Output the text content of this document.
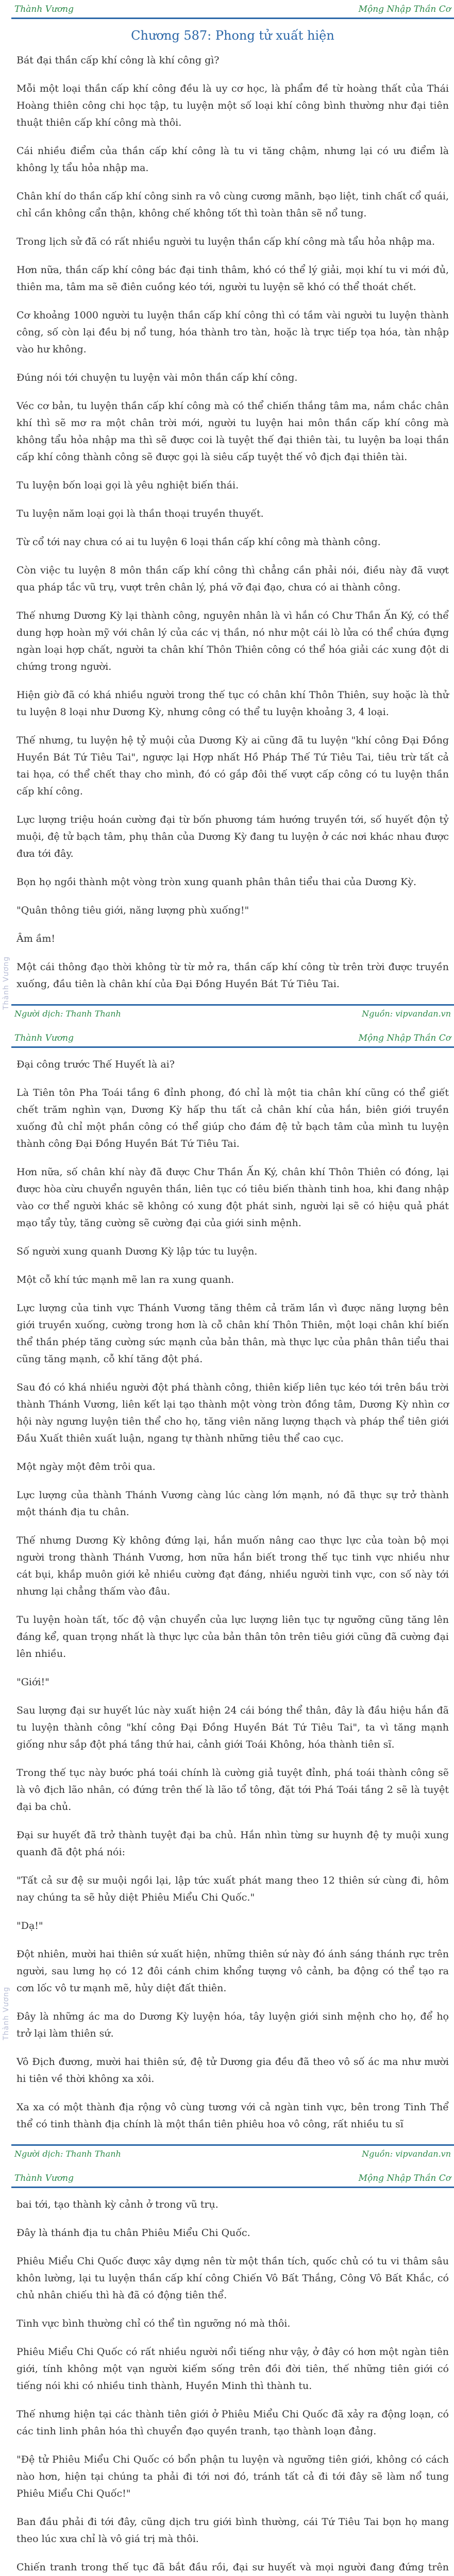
Thành Vương
Thành Vương
Thành Vương	Mộng Nhập Thần Cơ
Chương 587: Phong tử xuất hiện

Bát đại thần cấp khí công là khí công gì?

Mỗi một loại thần cấp khí công đều là uy cơ học, là phẩm đề từ hoàng thất của Thái Hoàng thiên công chi học tập, tu luyện một số loại khí công bình thường như đại tiên thuật thiên cấp khí công mà thôi.

Cái nhiều điểm của thần cấp khí công là tu vi tăng chậm, nhưng lại có ưu điểm là không lỵ tẩu hỏa nhập ma.

Chân khí do thần cấp khí công sinh ra vô cùng cương mãnh, bạo liệt, tinh chất cổ quái, chỉ cần không cẩn thận, không chế không tốt thì toàn thân sẽ nổ tung.

Trong lịch sử đã có rất nhiều người tu luyện thần cấp khí công mà tẩu hỏa nhập ma.

Hơn nữa, thần cấp khí công bác đại tinh thâm, khó có thể lý giải, mọi khí tu vi mới đủ, thiên ma, tâm ma sẽ điên cuồng kéo tới, người tu luyện sẽ khó có thể thoát chết.

Cơ khoảng 1000 người tu luyện thần cấp khí công thì có tầm vài người tu luyện thành công, số còn lại đều bị nổ tung, hóa thành tro tàn, hoặc là trực tiếp tọa hóa, tàn nhập vào hư không.

Đúng nói tới chuyện tu luyện vài môn thần cấp khí công.

Véc cơ bản, tu luyện thần cấp khí công mà có thể chiến thắng tâm ma, nắm chắc chân khí thì sẽ mơ ra một chân trời mới, người tu luyện hai môn thần cấp khí công mà không tẩu hỏa nhập ma thì sẽ được coi là tuyệt thế đại thiên tài, tu luyện ba loại thần cấp khí công thành công sẽ được gọi là siêu cấp tuyệt thế vô địch đại thiên tài.

Tu luyện bốn loại gọi là yêu nghiệt biến thái.

Tu luyện năm loại gọi là thần thoại truyền thuyết.

Từ cổ tới nay chưa có ai tu luyện 6 loại thần cấp khí công mà thành công.

Còn việc tu luyện 8 môn thần cấp khí công thì chẳng cần phải nói, điều này đã vượt qua pháp tắc vũ trụ, vượt trên chân lý, phá vỡ đại đạo, chưa có ai thành công.

Thế nhưng Dương Kỳ lại thành công, nguyên nhân là vì hắn có Chư Thần Ấn Ký, có thể dung hợp hoàn mỹ với chân lý của các vị thần, nó như một cái lò lửa có thể chứa đựng ngàn loại hợp chất, người ta chân khí Thôn Thiên công có thể hóa giải các xung đột di chứng trong người.

Hiện giờ đã có khá nhiều người trong thế tục có chân khí Thôn Thiên, suy hoặc là thử tu luyện 8 loại như Dương Kỳ, nhưng công có thể tu luyện khoảng 3, 4 loại.

Thế nhưng, tu luyện hệ tỷ muội của Dương Kỳ ai cũng đã tu luyện "khí công Đại Đồng Huyền Bát Tứ Tiêu Tai", ngược lại Hợp nhất Hồ Pháp Thế Tứ Tiêu Tai, tiêu trừ tất cả tai họa, có thể chết thay cho mình, đó có gắp đôi thế vượt cấp công có tu luyện thần cấp khí công.

Lực lượng triệu hoán cường đại từ bốn phương tám hướng truyền tới, số huyết độn tỷ muội, đệ tử bạch tâm, phụ thân của Dương Kỳ đang tu luyện ở các nơi khác nhau được đưa tới đây.

Bọn họ ngồi thành một vòng tròn xung quanh phân thân tiểu thai của Dương Kỳ.

"Quân thông tiêu giới, năng lượng phù xuống!"

Âm ầm!

Một cái thông đạo thời không từ từ mở ra, thần cấp khí công từ trên trời được truyền xuống, đầu tiên là chân khí của Đại Đồng Huyền Bát Tứ Tiêu Tai.

Người dịch: Thanh Thanh	Nguồn: vipvandan.vn
Thành Vương	Mộng Nhập Thần Cơ

Đại công trước Thế Huyết là ai?

Là Tiên tôn Pha Toái tầng 6 đỉnh phong, đó chỉ là một tia chân khí cũng có thể giết chết trăm nghìn vạn, Dương Kỳ hấp thu tất cả chân khí của hắn, biên giới truyền xuống đủ chỉ một phần công có thể giúp cho đám đệ tử bạch tâm của mình tu luyện thành công Đại Đồng Huyền Bát Tứ Tiêu Tai.

Hơn nữa, số chân khí này đã được Chư Thần Ấn Ký, chân khí Thôn Thiên có đóng, lại được hòa cừu chuyển nguyên thần, liên tục có tiêu biến thành tinh hoa, khi đang nhập vào cơ thể người khác sẽ không có xung đột phát sinh, người lại sẽ có hiệu quả phát mạo tẩy tủy, tăng cường sẽ cường đại của giới sinh mệnh.

Số người xung quanh Dương Kỳ lập tức tu luyện.

Một cỗ khí tức mạnh mẽ lan ra xung quanh.

Lực lượng của tinh vực Thánh Vương tăng thêm cả trăm lần vì được năng lượng bên giới truyền xuống, cường trong hơn là cỗ chân khí Thôn Thiên, một loại chân khí biến thể thần phép tăng cường sức mạnh của bản thân, mà thực lực của phân thân tiểu thai cũng tăng mạnh, cỗ khí tăng đột phá.

Sau đó có khá nhiều người đột phá thành công, thiên kiếp liên tục kéo tới trên bầu trời thành Thánh Vương, liên kết lại tạo thành một vòng tròn đồng tâm, Dương Kỳ nhìn cơ hội này ngưng luyện tiên thể cho họ, tăng viên năng lượng thạch và pháp thể tiên giới Đầu Xuất thiên xuất luận, ngang tự thành những tiêu thể cao cục.

Một ngày một đêm trôi qua.

Lực lượng của thành Thánh Vương càng lúc càng lớn mạnh, nó đã thực sự trở thành một thánh địa tu chân.

Thế nhưng Dương Kỳ không đứng lại, hắn muốn nâng cao thực lực của toàn bộ mọi người trong thành Thánh Vương, hơn nữa hắn biết trong thế tục tinh vực nhiều như cát bụi, khắp muôn giới kẻ nhiều cường đạt đáng, nhiều người tinh vực, con số này tới nhưng lại chẳng thấm vào đâu.

Tu luyện hoàn tất, tốc độ vận chuyển của lực lượng liên tục tự ngưỡng cũng tăng lên đáng kể, quan trọng nhất là thực lực của bản thân tôn trên tiêu giới cũng đã cường đại lên nhiều.

"Giới!"

Sau lượng đại sư huyết lúc này xuất hiện 24 cái bóng thể thân, đây là đầu hiệu hắn đã tu luyện thành công "khí công Đại Đồng Huyền Bát Tứ Tiêu Tai", ta vì tăng mạnh giống như sắp đột phá tầng thứ hai, cảnh giới Toái Không, hóa thành tiên sĩ.

Trong thế tục này bước phá toái chính là cường giả tuyệt đỉnh, phá toái thành công sẽ là vô địch lão nhân, có đứng trên thế là lão tổ tông, đặt tới Phá Toái tầng 2 sẽ là tuyệt đại ba chủ.

Đại sư huyết đã trở thành tuyệt đại ba chủ. Hắn nhìn từng sư huynh đệ ty muội xung quanh đã đột phá nói:

"Tất cả sư đệ sư muội ngồi lại, lập tức xuất phát mang theo 12 thiên sứ cùng đi, hôm nay chúng ta sẽ hủy diệt Phiêu Miểu Chi Quốc."

"Dạ!"

Đột nhiên, mười hai thiên sứ xuất hiện, những thiên sứ này đó ánh sáng thánh rực trên người, sau lưng họ có 12 đôi cánh chim khổng tượng vô cảnh, ba động có thể tạo ra cơn lốc vô tư mạnh mẽ, hủy diệt đất thiên.

Đây là những ác ma do Dương Kỳ luyện hóa, tây luyện giới sinh mệnh cho họ, để họ trở lại làm thiên sứ.

Vô Địch đương, mười hai thiên sứ, đệ tử Dương gia đều đã theo vô số ác ma như mười hi tiên về thời không xa xôi.

Xa xa có một thành địa rộng vô cùng tương với cả ngàn tinh vực, bên trong Tinh Thể thể có tinh thành địa chính là một thần tiên phiêu hoa vô công, rất nhiều tu sĩ

Người dịch: Thanh Thanh	Nguồn: vipvandan.vn
Thành Vương	Mộng Nhập Thần Cơ

bai tới, tạo thành kỳ cảnh ở trong vũ trụ.

Đây là thánh địa tu chân Phiêu Miểu Chi Quốc.

Phiêu Miểu Chi Quốc được xây dựng nên từ một thần tích, quốc chủ có tu vi thâm sâu khôn lường, lại tu luyện thần cấp khí công Chiến Vô Bất Thắng, Công Vô Bất Khắc, có chủ nhân chiếu thì hà đã có động tiên thể.

Tinh vực bình thường chỉ có thể tìn ngưỡng nó mà thôi.

Phiêu Miểu Chi Quốc có rất nhiều người nổi tiếng như vậy, ở đây có hơn một ngàn tiên giới, tính không một vạn người kiếm sống trên đồi đời tiên, thế những tiên giới có tiếng nói khi có nhiều tinh thành, Huyền Minh thì thành tu.

Thế nhưng hiện tại các thành tiên giới ở Phiêu Miểu Chi Quốc đã xảy ra động loạn, có các tinh linh phân hóa thì chuyển đạo quyền tranh, tạo thành loạn đảng.

"Đệ tử Phiêu Miểu Chi Quốc có bổn phận tu luyện và ngưỡng tiên giới, không có cách nào hơn, hiện tại chúng ta phải đi tới nơi đó, tránh tất cả đi tới đây sẽ làm nổ tung Phiêu Miểu Chi Quốc!"

Ban đầu phải đi tới đây, cũng dịch tru giới bình thường, cái Tứ Tiêu Tai bọn họ mang theo lúc xưa chỉ là vô giá trị mà thôi.

Chiến tranh trong thế tục đã bắt đầu rồi, đại sư huyết và mọi người đang đứng trên
